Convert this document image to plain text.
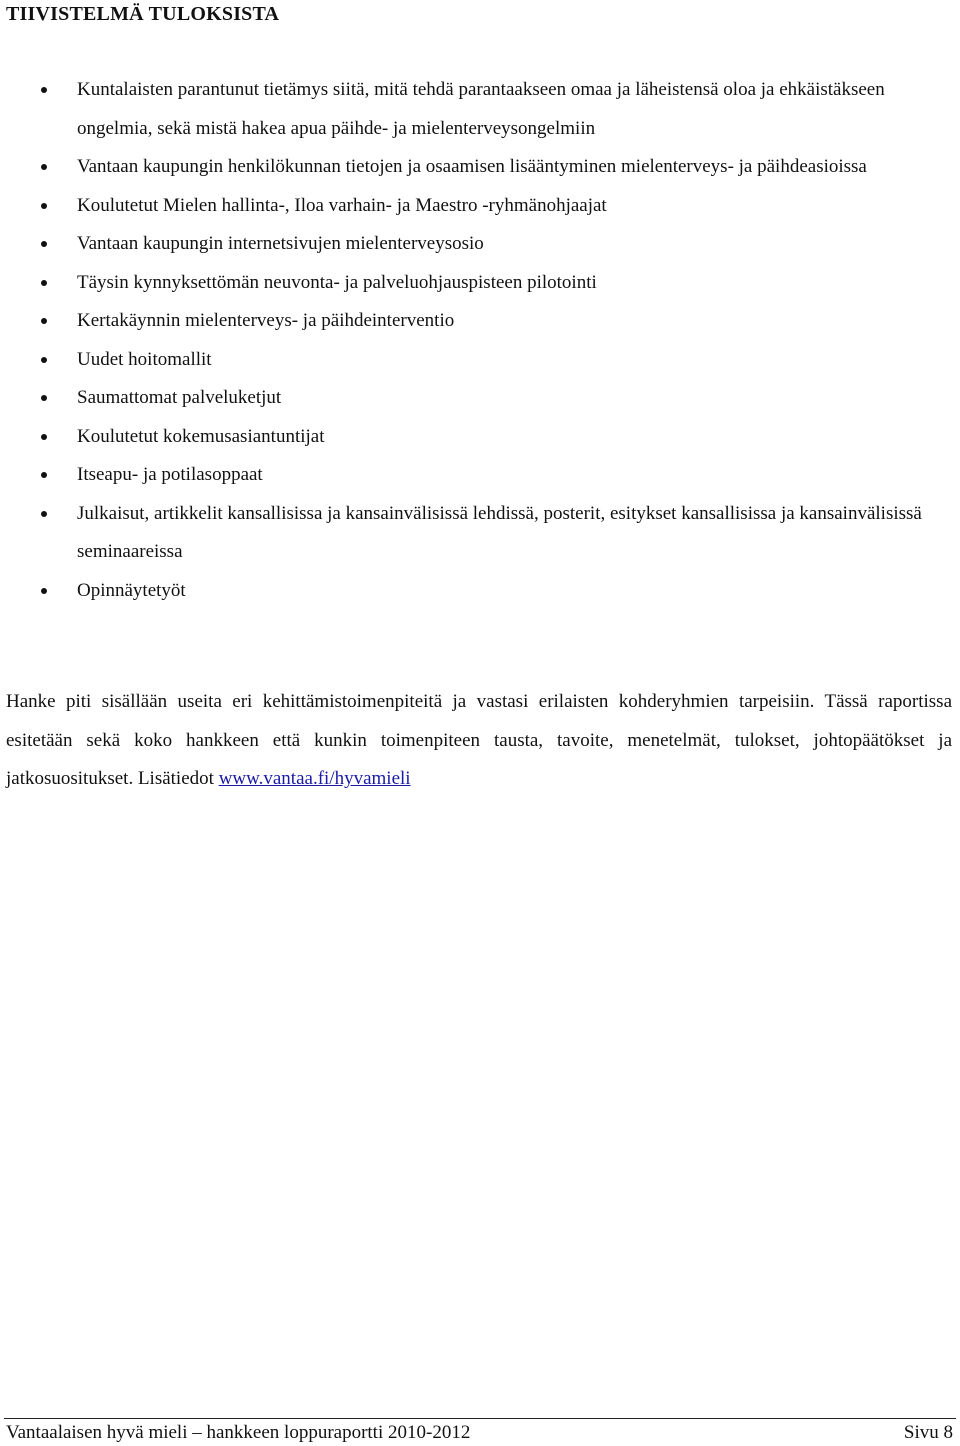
TIIVISTELMÄ TULOKSISTA
Kuntalaisten parantunut tietämys siitä, mitä tehdä parantaakseen omaa ja läheistensä oloa ja ehkäistäkseen ongelmia, sekä mistä hakea apua päihde- ja mielenterveysongelmiin
Vantaan kaupungin henkilökunnan tietojen ja osaamisen lisääntyminen mielenterveys- ja päihdeasioissa
Koulutetut Mielen hallinta-, Iloa varhain- ja Maestro -ryhmänohjaajat
Vantaan kaupungin internetsivujen mielenterveysosio
Täysin kynnyksettömän neuvonta- ja palveluohjauspisteen pilotointi
Kertakäynnin mielenterveys- ja päihdeinterventio
Uudet hoitomallit
Saumattomat palveluketjut
Koulutetut kokemusasiantuntijat
Itseapu- ja potilasoppaat
Julkaisut, artikkelit kansallisissa ja kansainvälisissä lehdissä, posterit, esitykset kansallisissa ja kansainvälisissä seminaareissa
Opinnäytetyöt

Hanke piti sisällään useita eri kehittämistoimenpiteitä ja vastasi erilaisten kohderyhmien tarpeisiin. Tässä raportissa esitetään sekä koko hankkeen että kunkin toimenpiteen tausta, tavoite, menetelmät, tulokset, johtopäätökset ja jatkosuositukset. Lisätiedot www.vantaa.fi/hyvamieli

Vantaalaisen hyvä mieli – hankkeen loppuraportti 2010-2012	Sivu 8
